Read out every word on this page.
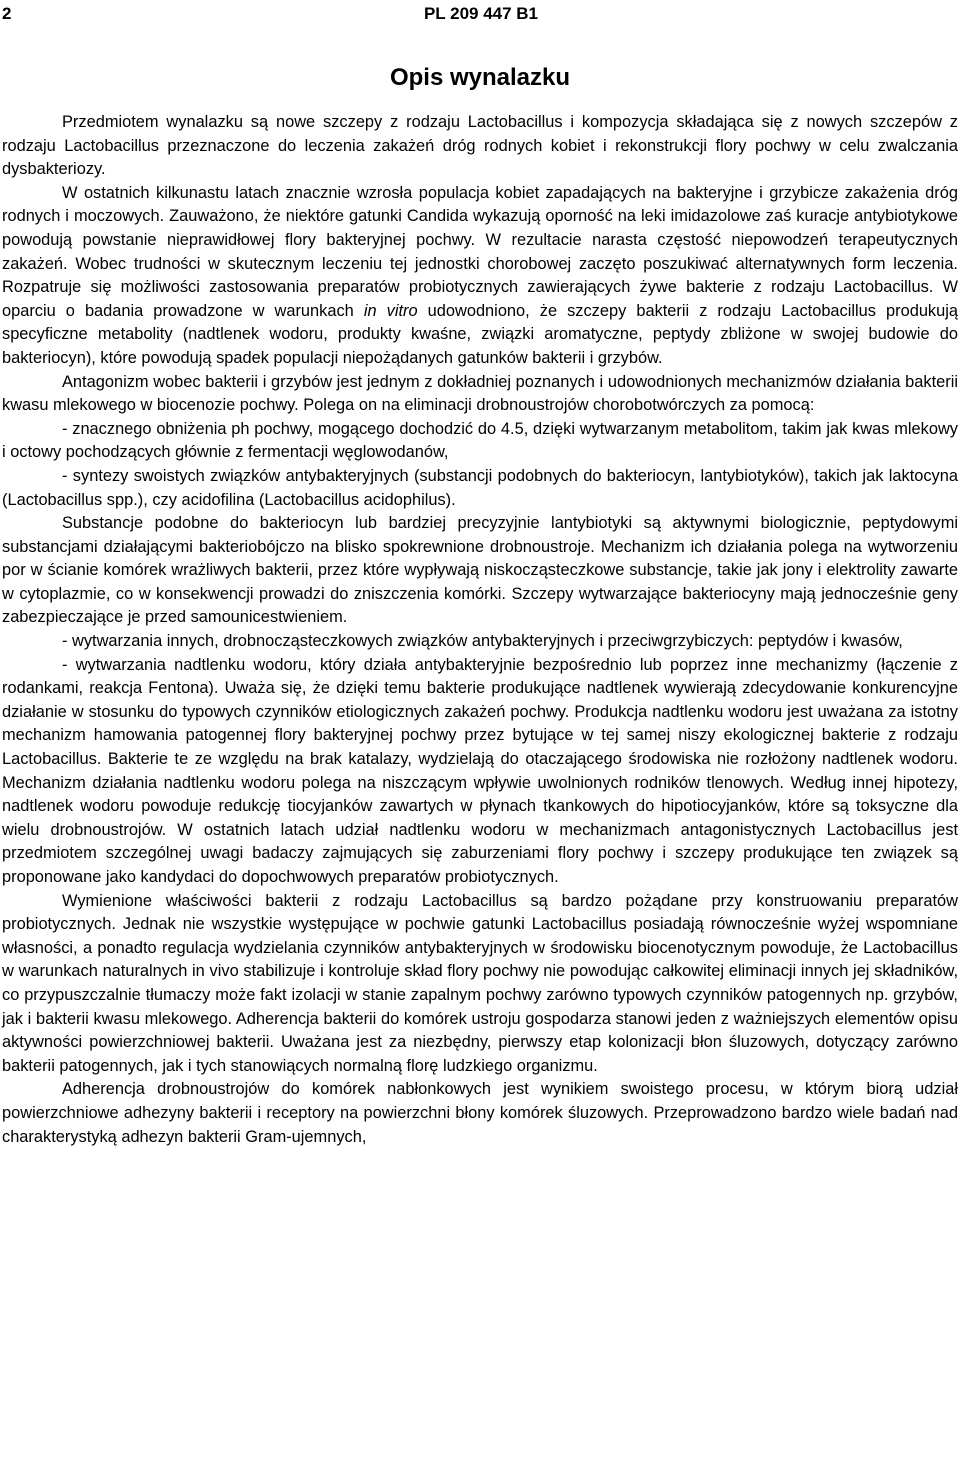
2	PL 209 447 B1
Opis wynalazku

Przedmiotem wynalazku są nowe szczepy z rodzaju Lactobacillus i kompozycja składająca się z nowych szczepów z rodzaju Lactobacillus przeznaczone do leczenia zakażeń dróg rodnych kobiet i rekonstrukcji flory pochwy w celu zwalczania dysbakteriozy.

W ostatnich kilkunastu latach znacznie wzrosła populacja kobiet zapadających na bakteryjne i grzybicze zakażenia dróg rodnych i moczowych. Zauważono, że niektóre gatunki Candida wykazują oporność na leki imidazolowe zaś kuracje antybiotykowe powodują powstanie nieprawidłowej flory bakteryjnej pochwy. W rezultacie narasta częstość niepowodzeń terapeutycznych zakażeń. Wobec trudności w skutecznym leczeniu tej jednostki chorobowej zaczęto poszukiwać alternatywnych form leczenia. Rozpatruje się możliwości zastosowania preparatów probiotycznych zawierających żywe bakterie z rodzaju Lactobacillus. W oparciu o badania prowadzone w warunkach in vitro udowodniono, że szczepy bakterii z rodzaju Lactobacillus produkują specyficzne metabolity (nadtlenek wodoru, produkty kwaśne, związki aromatyczne, peptydy zbliżone w swojej budowie do bakteriocyn), które powodują spadek populacji niepożądanych gatunków bakterii i grzybów.

Antagonizm wobec bakterii i grzybów jest jednym z dokładniej poznanych i udowodnionych mechanizmów działania bakterii kwasu mlekowego w biocenozie pochwy. Polega on na eliminacji drobnoustrojów chorobotwórczych za pomocą:

- znacznego obniżenia ph pochwy, mogącego dochodzić do 4.5, dzięki wytwarzanym metabolitom, takim jak kwas mlekowy i octowy pochodzących głównie z fermentacji węglowodanów,

- syntezy swoistych związków antybakteryjnych (substancji podobnych do bakteriocyn, lantybiotyków), takich jak laktocyna (Lactobacillus spp.), czy acidofilina (Lactobacillus acidophilus).

Substancje podobne do bakteriocyn lub bardziej precyzyjnie lantybiotyki są aktywnymi biologicznie, peptydowymi substancjami działającymi bakteriobójczo na blisko spokrewnione drobnoustroje. Mechanizm ich działania polega na wytworzeniu por w ścianie komórek wrażliwych bakterii, przez które wypływają niskocząsteczkowe substancje, takie jak jony i elektrolity zawarte w cytoplazmie, co w konsekwencji prowadzi do zniszczenia komórki. Szczepy wytwarzające bakteriocyny mają jednocześnie geny zabezpieczające je przed samounicestwieniem.

- wytwarzania innych, drobnocząsteczkowych związków antybakteryjnych i przeciwgrzybiczych: peptydów i kwasów,

- wytwarzania nadtlenku wodoru, który działa antybakteryjnie bezpośrednio lub poprzez inne mechanizmy (łączenie z rodankami, reakcja Fentona). Uważa się, że dzięki temu bakterie produkujące nadtlenek wywierają zdecydowanie konkurencyjne działanie w stosunku do typowych czynników etiologicznych zakażeń pochwy. Produkcja nadtlenku wodoru jest uważana za istotny mechanizm hamowania patogennej flory bakteryjnej pochwy przez bytujące w tej samej niszy ekologicznej bakterie z rodzaju Lactobacillus. Bakterie te ze względu na brak katalazy, wydzielają do otaczającego środowiska nie rozłożony nadtlenek wodoru. Mechanizm działania nadtlenku wodoru polega na niszczącym wpływie uwolnionych rodników tlenowych. Według innej hipotezy, nadtlenek wodoru powoduje redukcję tiocyjanków zawartych w płynach tkankowych do hipotiocyjanków, które są toksyczne dla wielu drobnoustrojów. W ostatnich latach udział nadtlenku wodoru w mechanizmach antagonistycznych Lactobacillus jest przedmiotem szczególnej uwagi badaczy zajmujących się zaburzeniami flory pochwy i szczepy produkujące ten związek są proponowane jako kandydaci do dopochwowych preparatów probiotycznych.

Wymienione właściwości bakterii z rodzaju Lactobacillus są bardzo pożądane przy konstruowaniu preparatów probiotycznych. Jednak nie wszystkie występujące w pochwie gatunki Lactobacillus posiadają równocześnie wyżej wspomniane własności, a ponadto regulacja wydzielania czynników antybakteryjnych w środowisku biocenotycznym powoduje, że Lactobacillus w warunkach naturalnych in vivo stabilizuje i kontroluje skład flory pochwy nie powodując całkowitej eliminacji innych jej składników, co przypuszczalnie tłumaczy może fakt izolacji w stanie zapalnym pochwy zarówno typowych czynników patogennych np. grzybów, jak i bakterii kwasu mlekowego. Adherencja bakterii do komórek ustroju gospodarza stanowi jeden z ważniejszych elementów opisu aktywności powierzchniowej bakterii. Uważana jest za niezbędny, pierwszy etap kolonizacji błon śluzowych, dotyczący zarówno bakterii patogennych, jak i tych stanowiących normalną florę ludzkiego organizmu.

Adherencja drobnoustrojów do komórek nabłonkowych jest wynikiem swoistego procesu, w którym biorą udział powierzchniowe adhezyny bakterii i receptory na powierzchni błony komórek śluzowych. Przeprowadzono bardzo wiele badań nad charakterystyką adhezyn bakterii Gram-ujemnych,
